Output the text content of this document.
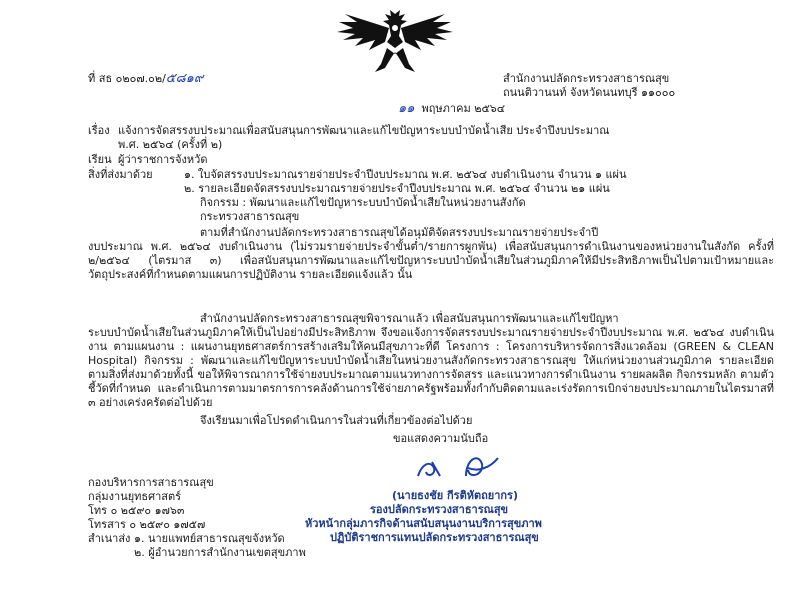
ที่ สธ ๐๒๐๗.๐๒/๕๘๑๙	สำนักงานปลัดกระทรวงสาธารณสุข
ถนนติวานนท์ จังหวัดนนทบุรี ๑๑๐๐๐
๑๑ พฤษภาคม ๒๕๖๔
เรื่อง แจ้งการจัดสรรงบประมาณเพื่อสนับสนุนการพัฒนาและแก้ไขปัญหาระบบบำบัดน้ำเสีย ประจำปีงบประมาณ
พ.ศ. ๒๕๖๔ (ครั้งที่ ๒)
เรียน ผู้ว่าราชการจังหวัด
สิ่งที่ส่งมาด้วย	๑. ใบจัดสรรงบประมาณรายจ่ายประจำปีงบประมาณ พ.ศ. ๒๕๖๔ งบดำเนินงาน จำนวน ๑ แผ่น
๒. รายละเอียดจัดสรรงบประมาณรายจ่ายประจำปีงบประมาณ พ.ศ. ๒๕๖๔ จำนวน ๒๑ แผ่น
กิจกรรม : พัฒนาและแก้ไขปัญหาระบบบำบัดน้ำเสียในหน่วยงานสังกัด
กระทรวงสาธารณสุข
ตามที่สำนักงานปลัดกระทรวงสาธารณสุขได้อนุมัติจัดสรรงบประมาณรายจ่ายประจำปี
งบประมาณ พ.ศ. ๒๕๖๔ งบดำเนินงาน (ไม่รวมรายจ่ายประจำขั้นต่ำ/รายการผูกพัน) เพื่อสนับสนุนการดำเนินงานของหน่วยงานในสังกัด ครั้งที่ ๒/๒๕๖๔ (ไตรมาส ๓) เพื่อสนับสนุนการพัฒนาและแก้ไขปัญหาระบบบำบัดน้ำเสียในส่วนภูมิภาคให้มีประสิทธิภาพเป็นไปตามเป้าหมายและวัตถุประสงค์ที่กำหนดตามแผนการปฏิบัติงาน รายละเอียดแจ้งแล้ว นั้น
สำนักงานปลัดกระทรวงสาธารณสุขพิจารณาแล้ว เพื่อสนับสนุนการพัฒนาและแก้ไขปัญหา
ระบบบำบัดน้ำเสียในส่วนภูมิภาคให้เป็นไปอย่างมีประสิทธิภาพ จึงขอแจ้งการจัดสรรงบประมาณรายจ่ายประจำปีงบประมาณ พ.ศ. ๒๕๖๔ งบดำเนินงาน ตามแผนงาน : แผนงานยุทธศาสตร์การสร้างเสริมให้คนมีสุขภาวะที่ดี โครงการ : โครงการบริหารจัดการสิ่งแวดล้อม (GREEN & CLEAN Hospital) กิจกรรม : พัฒนาและแก้ไขปัญหาระบบบำบัดน้ำเสียในหน่วยงานสังกัดกระทรวงสาธารณสุข ให้แก่หน่วยงานส่วนภูมิภาค รายละเอียดตามสิ่งที่ส่งมาด้วยทั้งนี้ ขอให้พิจารณาการใช้จ่ายงบประมาณตามแนวทางการจัดสรร และแนวทางการดำเนินงาน รายผลผลิต กิจกรรมหลัก ตามตัวชี้วัดที่กำหนด และดำเนินการตามมาตรการการคลังด้านการใช้จ่ายภาครัฐพร้อมทั้งกำกับติดตามและเร่งรัดการเบิกจ่ายงบประมาณภายในไตรมาสที่ ๓ อย่างเคร่งครัดต่อไปด้วย
จึงเรียนมาเพื่อโปรดดำเนินการในส่วนที่เกี่ยวข้องต่อไปด้วย
ขอแสดงความนับถือ
(นายธงชัย กีรติหัตถยากร)
รองปลัดกระทรวงสาธารณสุข
หัวหน้ากลุ่มภารกิจด้านสนับสนุนงานบริการสุขภาพ
ปฏิบัติราชการแทนปลัดกระทรวงสาธารณสุข
กองบริหารการสาธารณสุข
กลุ่มงานยุทธศาสตร์
โทร ๐ ๒๕๙๐ ๑๗๖๓
โทรสาร ๐ ๒๕๙๐ ๑๗๕๗
สำเนาส่ง ๑. นายแพทย์สาธารณสุขจังหวัด
๒. ผู้อำนวยการสำนักงานเขตสุขภาพ
